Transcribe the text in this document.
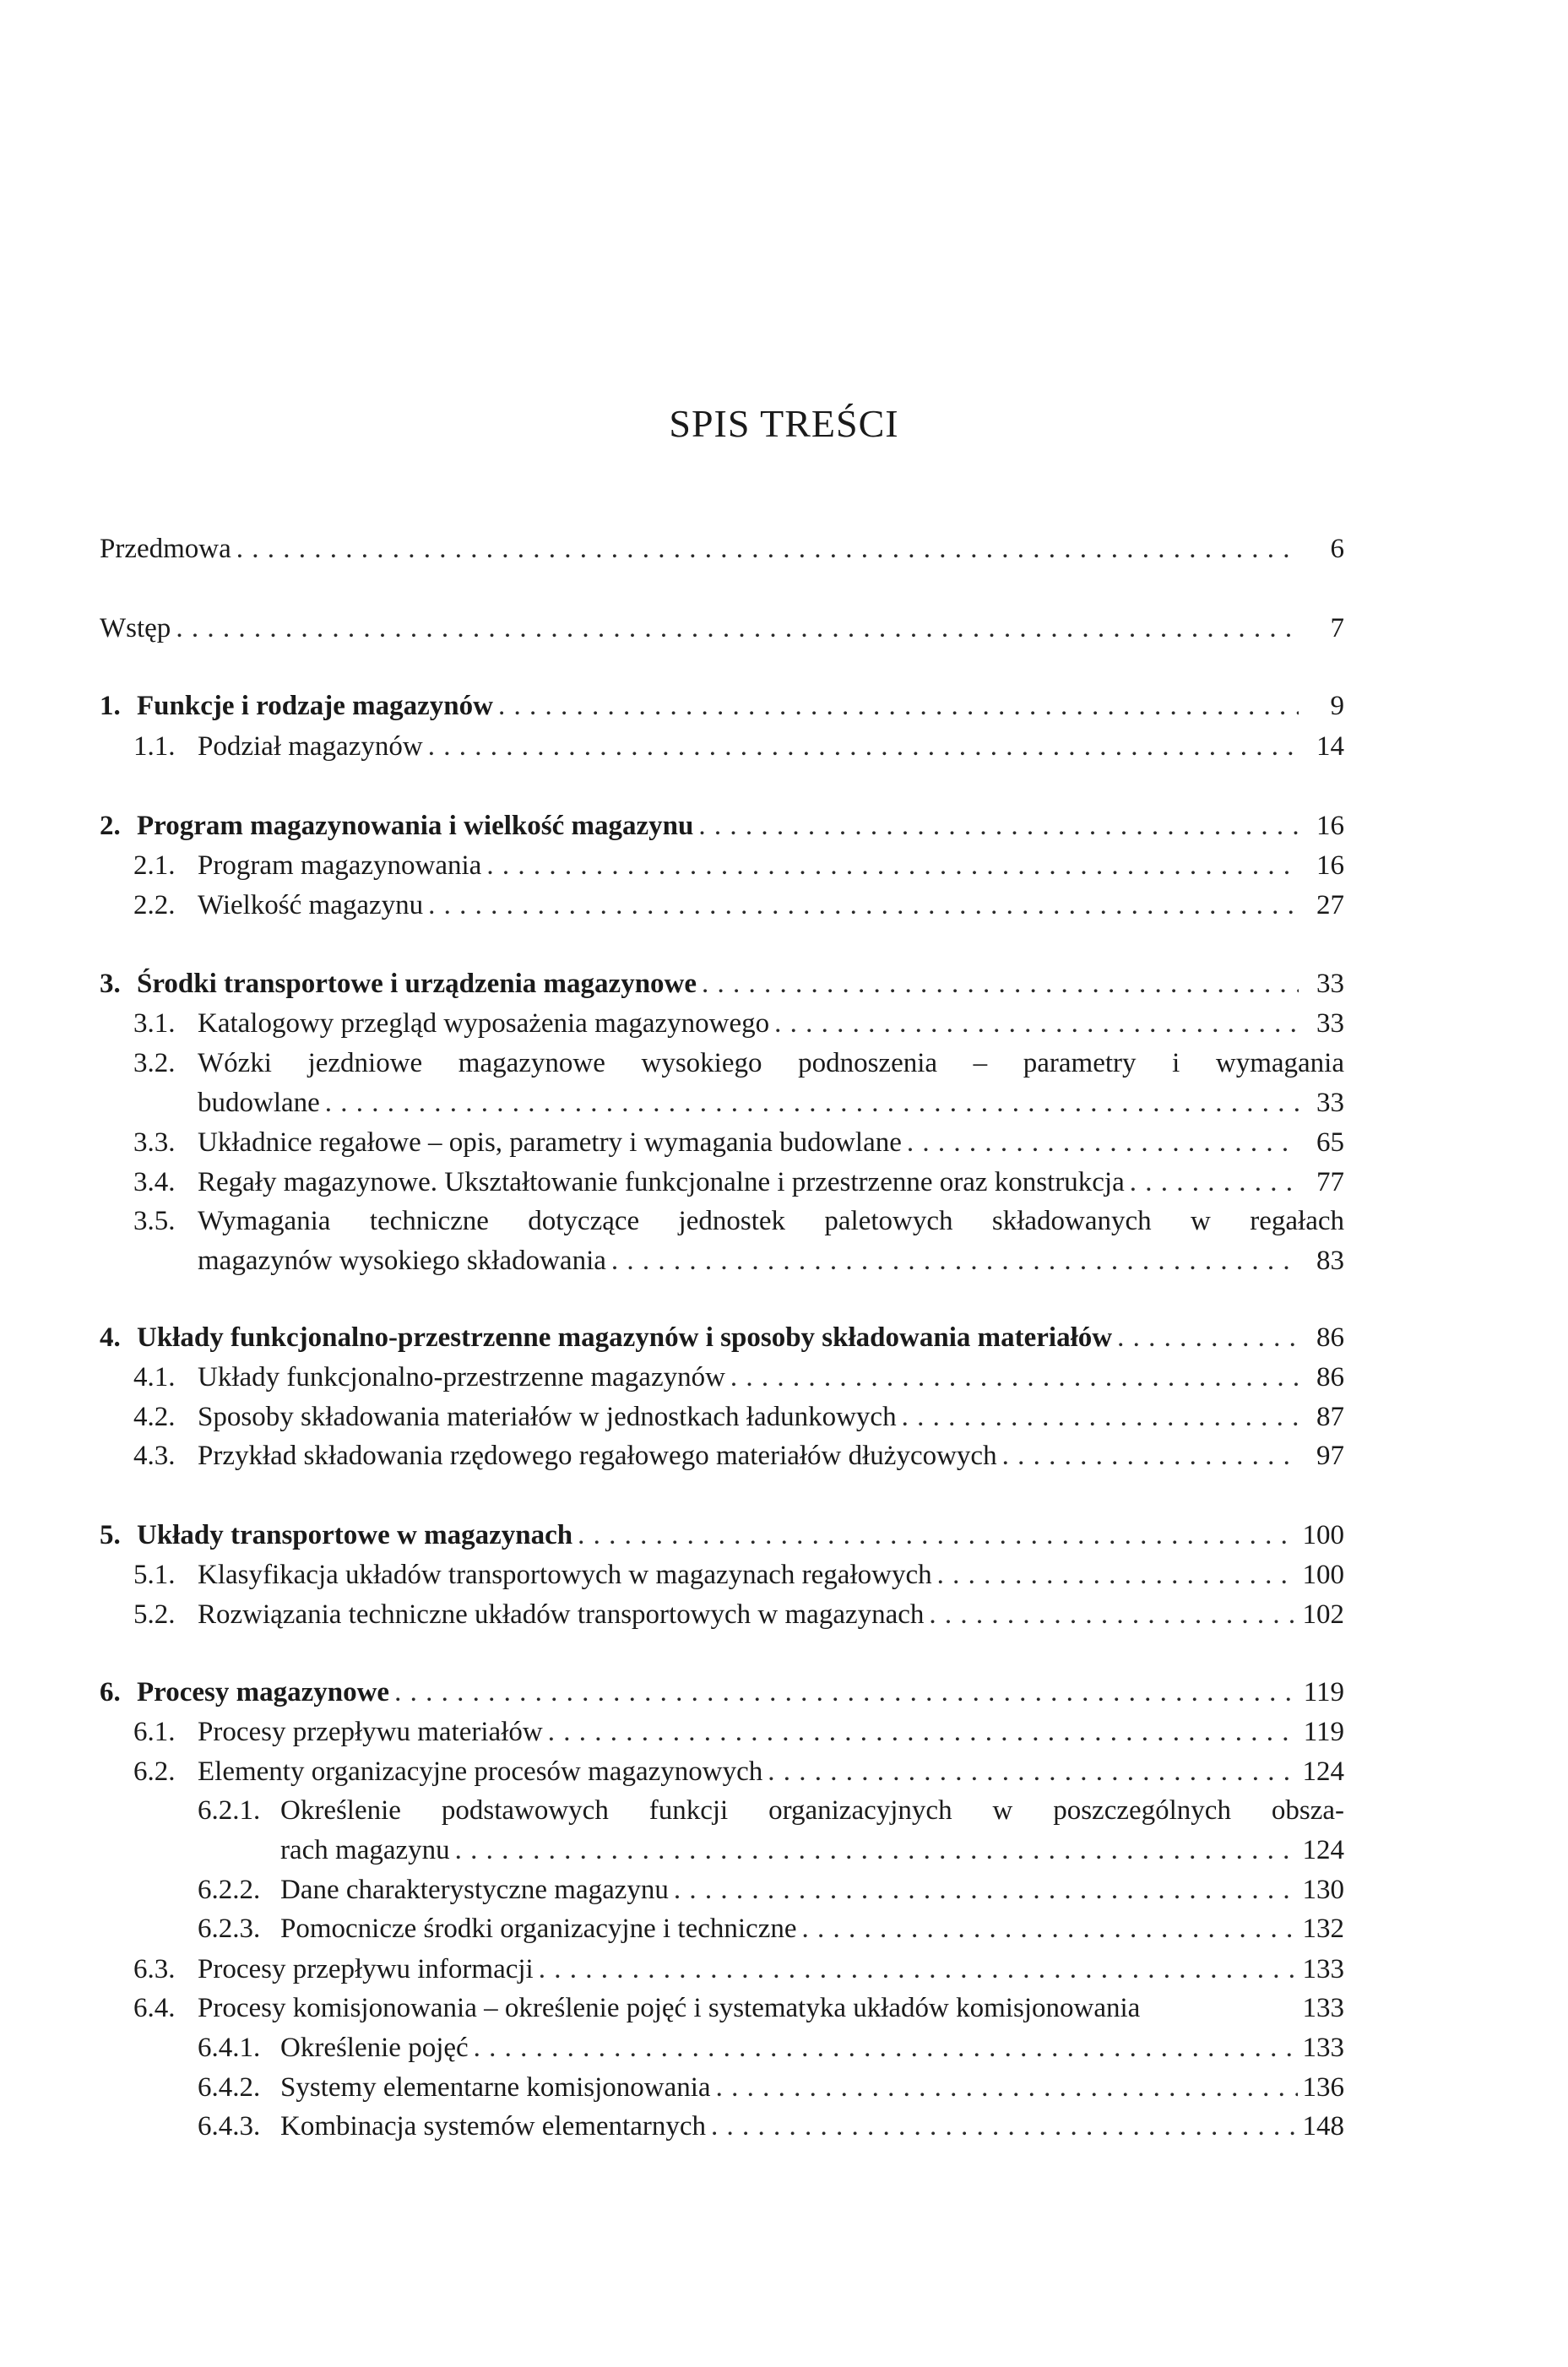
SPIS TREŚCI
Przedmowa . . .	6
Wstęp . . .	7
1. Funkcje i rodzaje magazynów . . .	9
1.1. Podział magazynów . . .	14
2. Program magazynowania i wielkość magazynu . . .	16
2.1. Program magazynowania . . .	16
2.2. Wielkość magazynu . . .	27
3. Środki transportowe i urządzenia magazynowe . . .	33
3.1. Katalogowy przegląd wyposażenia magazynowego . . .	33
3.2. Wózki jezdniowe magazynowe wysokiego podnoszenia – parametry i wymagania
budowlane . . .	33
3.3. Układnice regałowe – opis, parametry i wymagania budowlane . . .	65
3.4. Regały magazynowe. Ukształtowanie funkcjonalne i przestrzenne oraz konstrukcja . . .	77
3.5. Wymagania techniczne dotyczące jednostek paletowych składowanych w regałach
magazynów wysokiego składowania . . .	83
4. Układy funkcjonalno-przestrzenne magazynów i sposoby składowania materiałów . . .	86
4.1. Układy funkcjonalno-przestrzenne magazynów . . .	86
4.2. Sposoby składowania materiałów w jednostkach ładunkowych . . .	87
4.3. Przykład składowania rzędowego regałowego materiałów dłużycowych . . .	97
5. Układy transportowe w magazynach . . .	100
5.1. Klasyfikacja układów transportowych w magazynach regałowych . . .	100
5.2. Rozwiązania techniczne układów transportowych w magazynach . . .	102
6. Procesy magazynowe . . .	119
6.1. Procesy przepływu materiałów . . .	119
6.2. Elementy organizacyjne procesów magazynowych . . .	124
6.2.1. Określenie podstawowych funkcji organizacyjnych w poszczególnych obsza-
rach magazynu . . .	124
6.2.2. Dane charakterystyczne magazynu . . .	130
6.2.3. Pomocnicze środki organizacyjne i techniczne . . .	132
6.3. Procesy przepływu informacji . . .	133
6.4. Procesy komisjonowania – określenie pojęć i systematyka układów komisjonowania	133
6.4.1. Określenie pojęć . . .	133
6.4.2. Systemy elementarne komisjonowania . . .	136
6.4.3. Kombinacja systemów elementarnych . . .	148
